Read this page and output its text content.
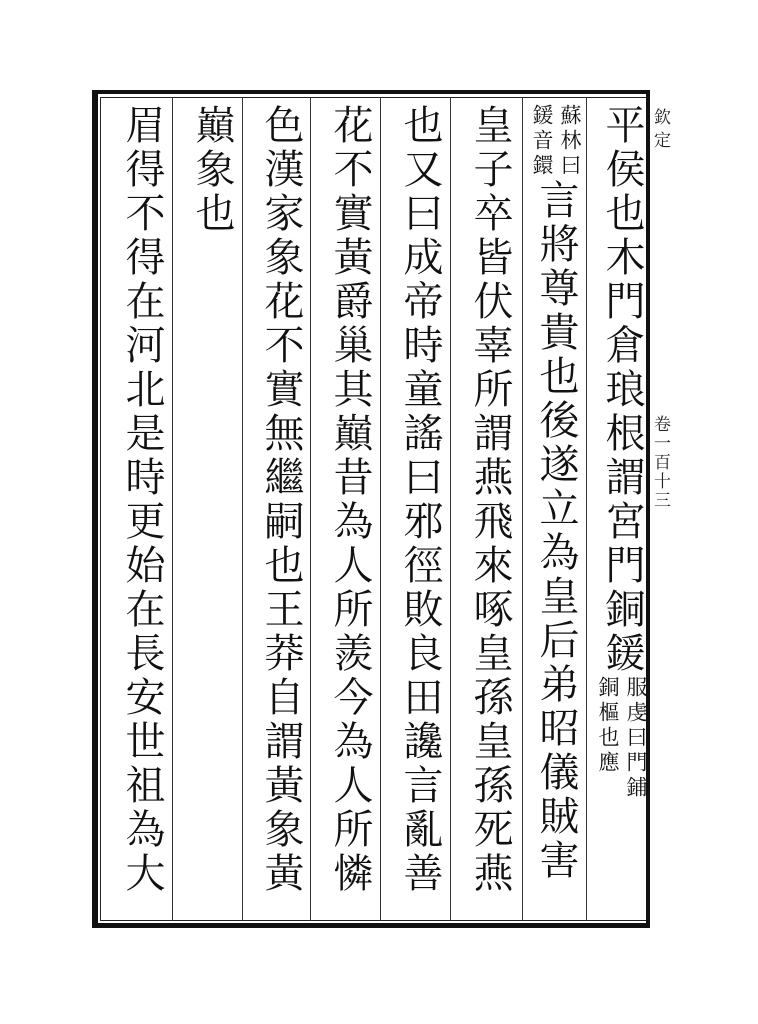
欽定
卷一百十三
平侯也木門倉琅根謂宮門銅鍰
服虔曰門鋪
銅樞也應
蘇林曰
鍰音鐶
言將尊貴也後遂立為皇后弟昭儀賊害
皇子卒皆伏辜所謂燕飛來啄皇孫皇孫死燕
也又曰成帝時童謠曰邪徑敗良田讒言亂善
花不實黃爵巢其巔昔為人所羨今為人所憐
色漢家象花不實無繼嗣也王莽自謂黃象黃
巔象也
眉得不得在河北是時更始在長安世祖為大
